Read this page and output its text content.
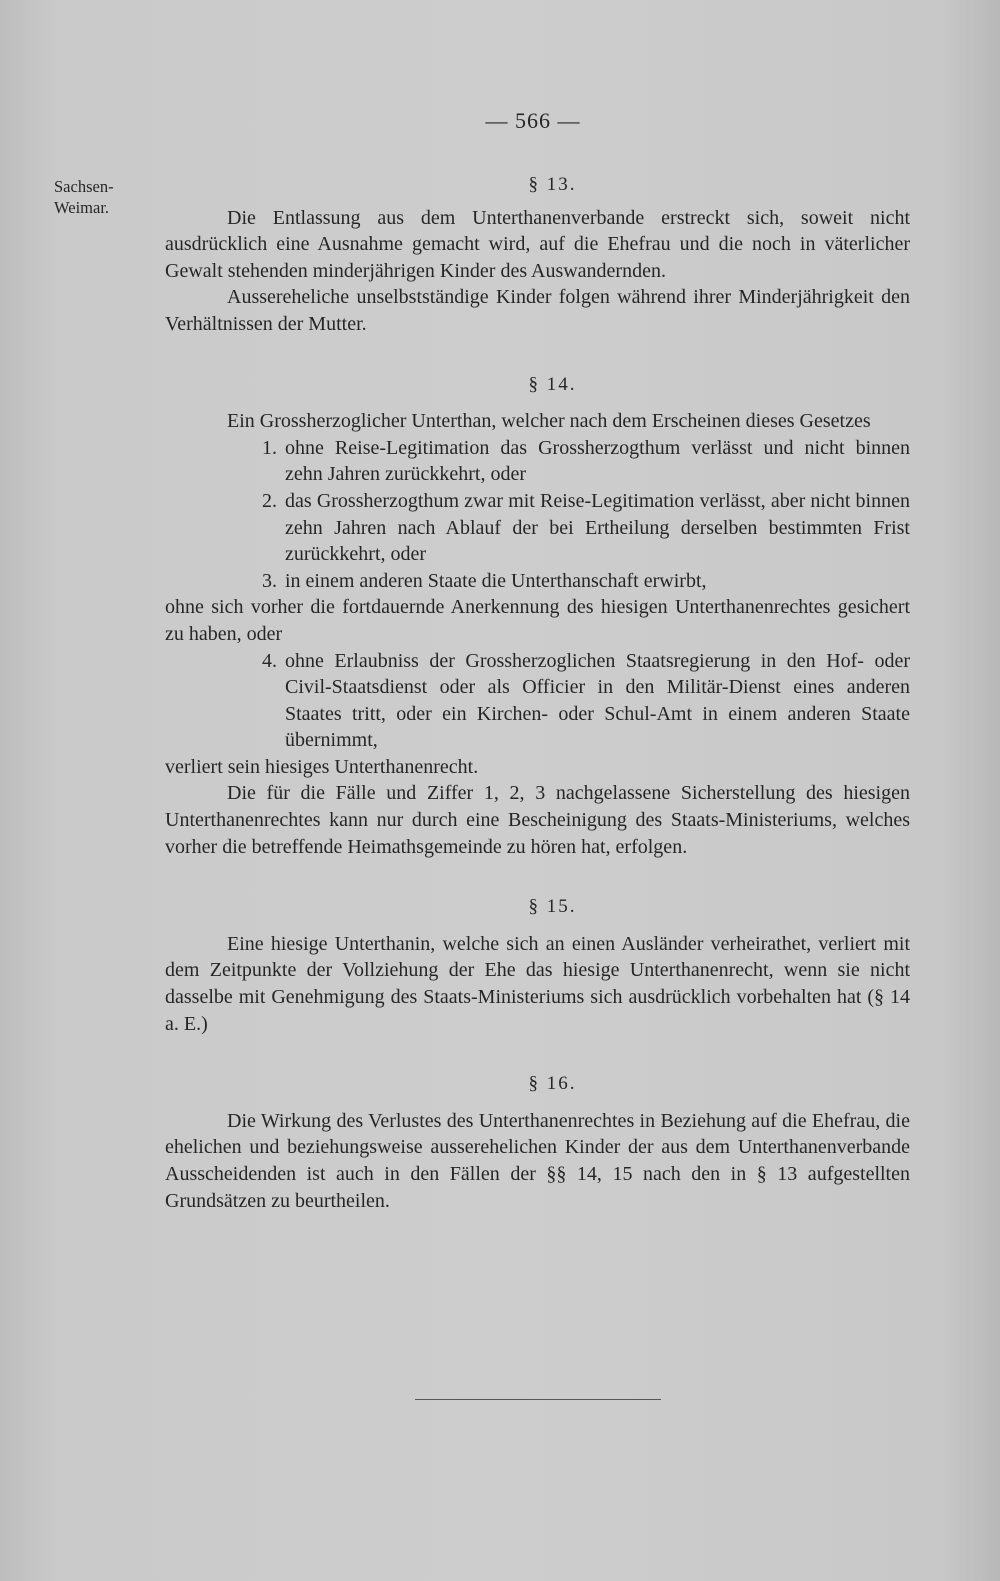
— 566 —
Sachsen-
Weimar.
§ 13.

Die Entlassung aus dem Unterthanenverbande erstreckt sich, soweit nicht ausdrücklich eine Ausnahme gemacht wird, auf die Ehefrau und die noch in väterlicher Gewalt stehenden minderjährigen Kinder des Auswandernden.

Aussereheliche unselbstständige Kinder folgen während ihrer Minderjährigkeit den Verhältnissen der Mutter.

§ 14.

Ein Grossherzoglicher Unterthan, welcher nach dem Erscheinen dieses Gesetzes

1. ohne Reise-Legitimation das Grossherzogthum verlässt und nicht binnen zehn Jahren zurückkehrt, oder
2. das Grossherzogthum zwar mit Reise-Legitimation verlässt, aber nicht binnen zehn Jahren nach Ablauf der bei Ertheilung derselben bestimmten Frist zurückkehrt, oder
3. in einem anderen Staate die Unterthanschaft erwirbt,

ohne sich vorher die fortdauernde Anerkennung des hiesigen Unterthanenrechtes gesichert zu haben, oder

4. ohne Erlaubniss der Grossherzoglichen Staatsregierung in den Hof- oder Civil-Staatsdienst oder als Officier in den Militär-Dienst eines anderen Staates tritt, oder ein Kirchen- oder Schul-Amt in einem anderen Staate übernimmt,

verliert sein hiesiges Unterthanenrecht.

Die für die Fälle und Ziffer 1, 2, 3 nachgelassene Sicherstellung des hiesigen Unterthanenrechtes kann nur durch eine Bescheinigung des Staats-Ministeriums, welches vorher die betreffende Heimathsgemeinde zu hören hat, erfolgen.

§ 15.

Eine hiesige Unterthanin, welche sich an einen Ausländer verheirathet, verliert mit dem Zeitpunkte der Vollziehung der Ehe das hiesige Unterthanenrecht, wenn sie nicht dasselbe mit Genehmigung des Staats-Ministeriums sich ausdrücklich vorbehalten hat (§ 14 a. E.)

§ 16.

Die Wirkung des Verlustes des Unterthanenrechtes in Beziehung auf die Ehefrau, die ehelichen und beziehungsweise ausserehelichen Kinder der aus dem Unterthanenverbande Ausscheidenden ist auch in den Fällen der §§ 14, 15 nach den in § 13 aufgestellten Grundsätzen zu beurtheilen.
